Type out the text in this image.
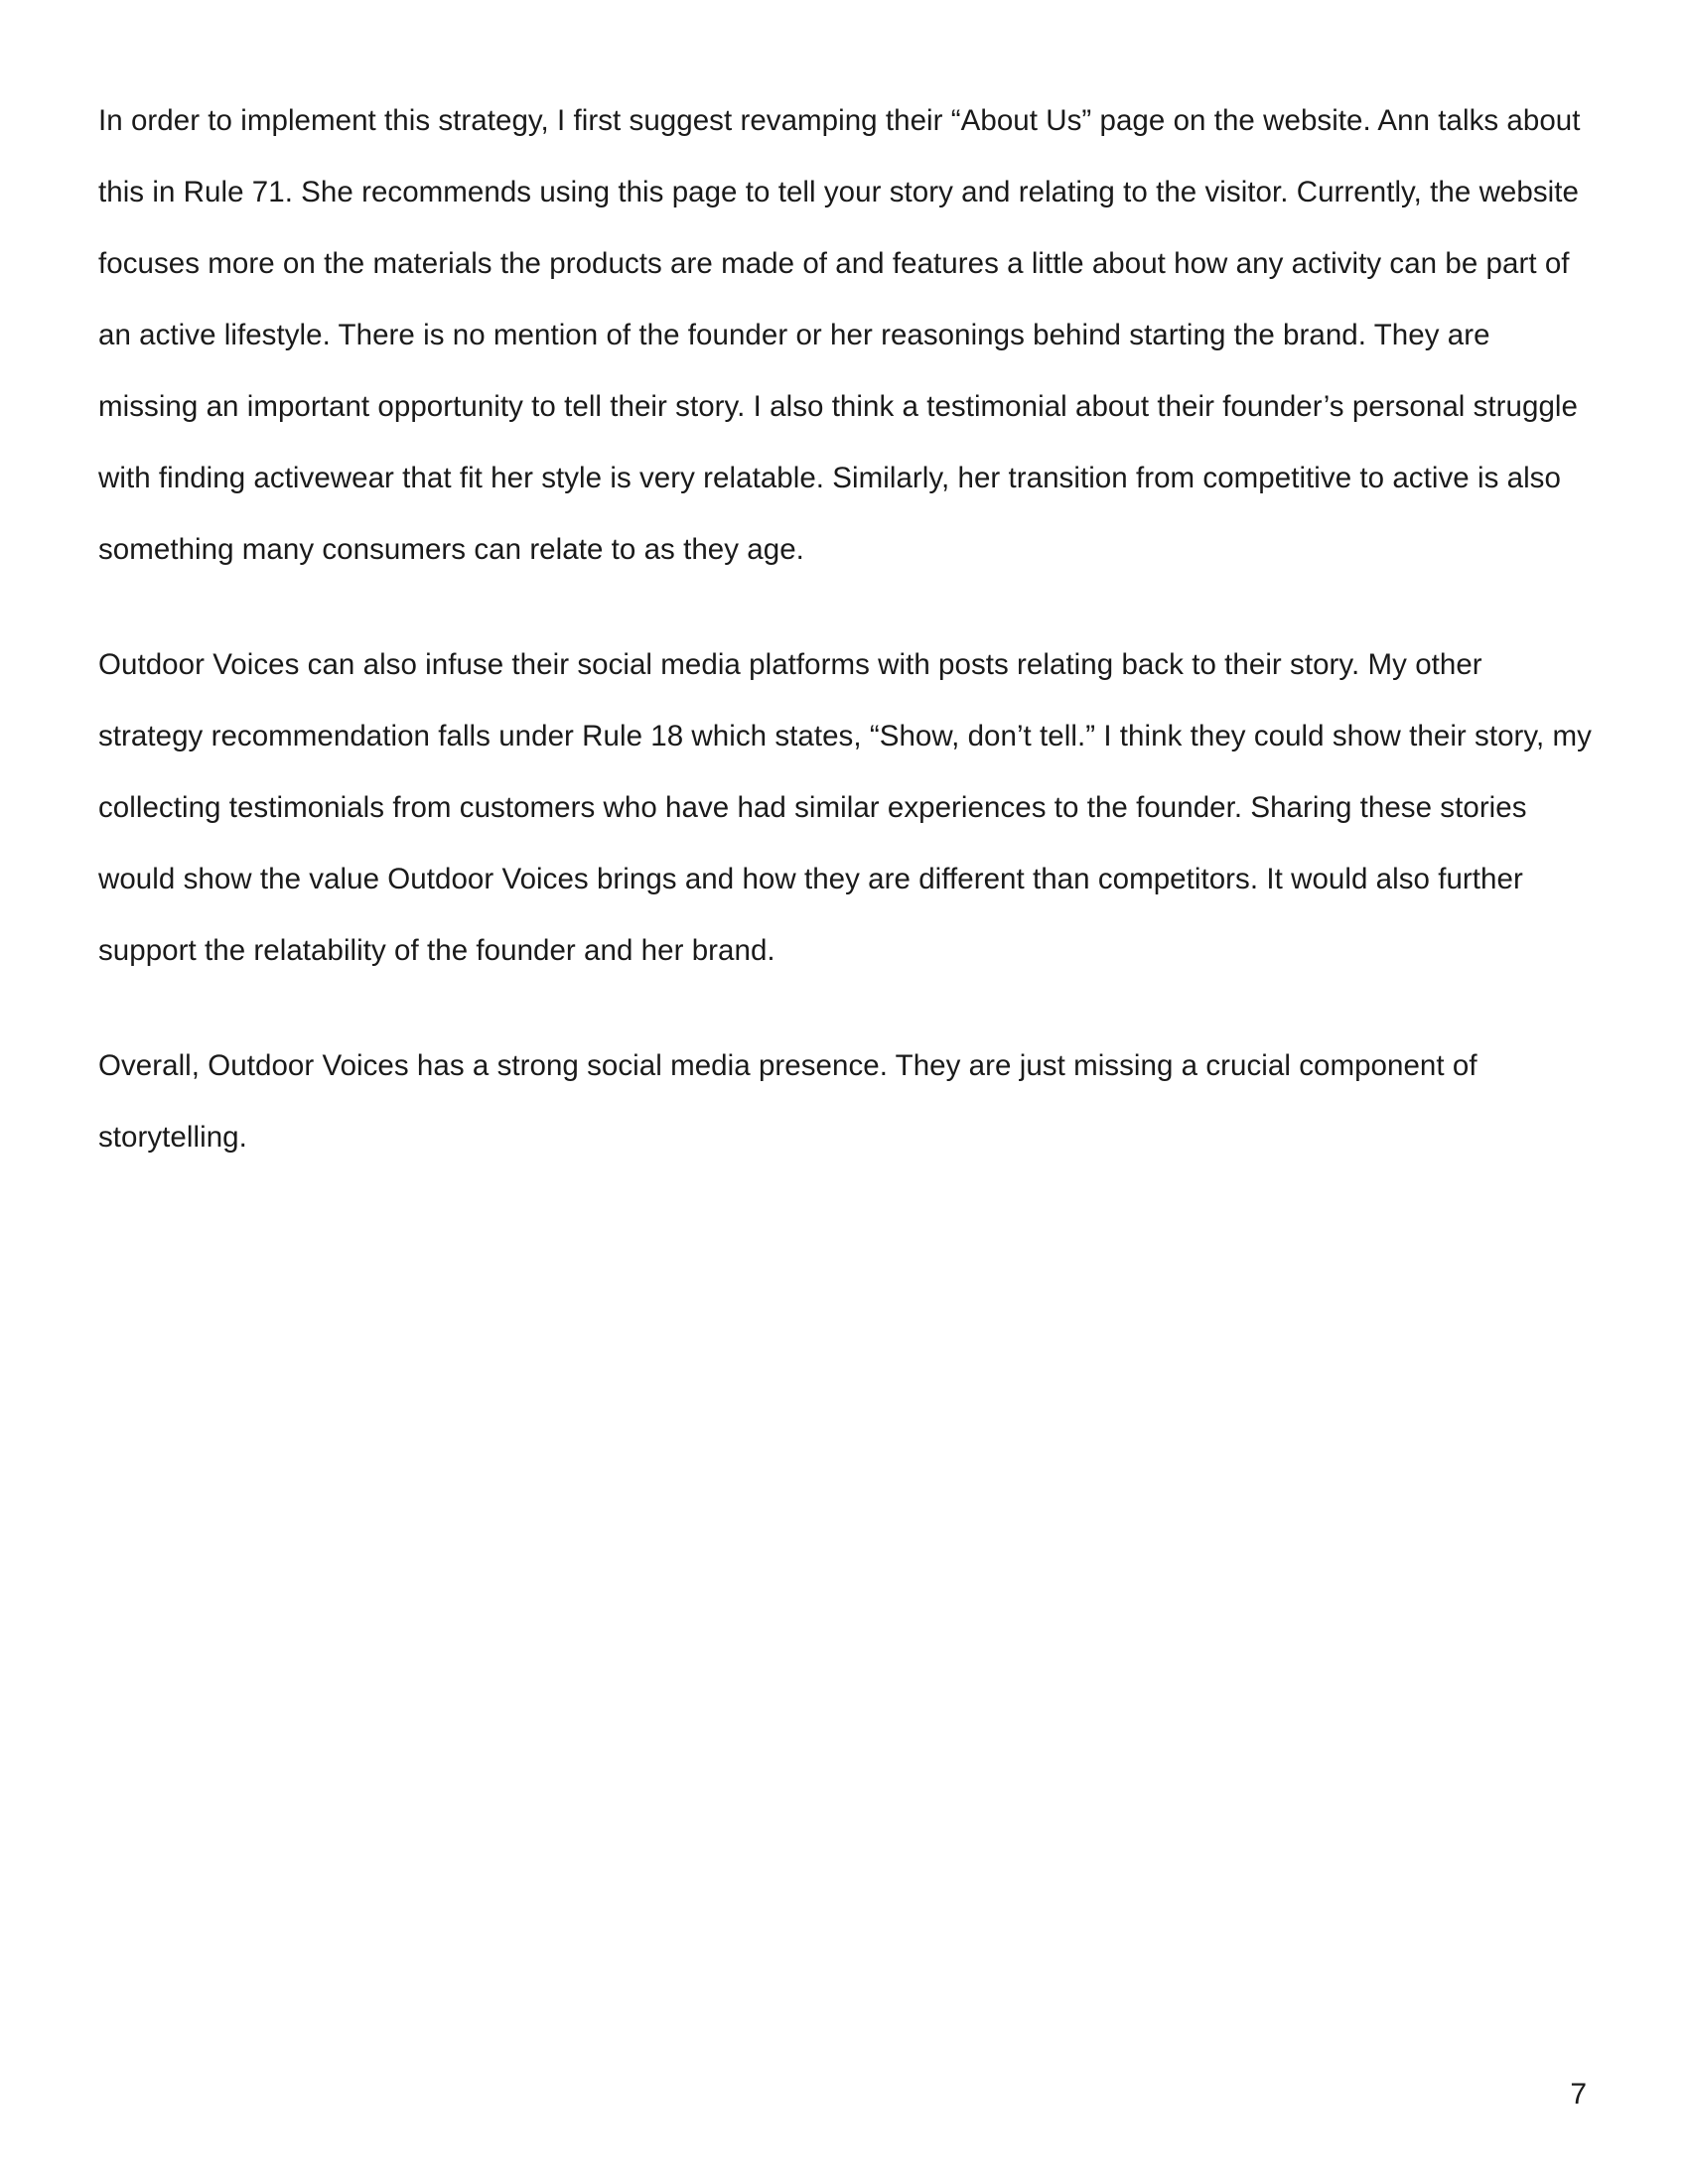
In order to implement this strategy, I first suggest revamping their “About Us” page on the website. Ann talks about this in Rule 71. She recommends using this page to tell your story and relating to the visitor. Currently, the website focuses more on the materials the products are made of and features a little about how any activity can be part of an active lifestyle. There is no mention of the founder or her reasonings behind starting the brand. They are missing an important opportunity to tell their story. I also think a testimonial about their founder’s personal struggle with finding activewear that fit her style is very relatable. Similarly, her transition from competitive to active is also something many consumers can relate to as they age.

Outdoor Voices can also infuse their social media platforms with posts relating back to their story. My other strategy recommendation falls under Rule 18 which states, “Show, don’t tell.” I think they could show their story, my collecting testimonials from customers who have had similar experiences to the founder. Sharing these stories would show the value Outdoor Voices brings and how they are different than competitors. It would also further support the relatability of the founder and her brand.

Overall, Outdoor Voices has a strong social media presence. They are just missing a crucial component of storytelling.

7
